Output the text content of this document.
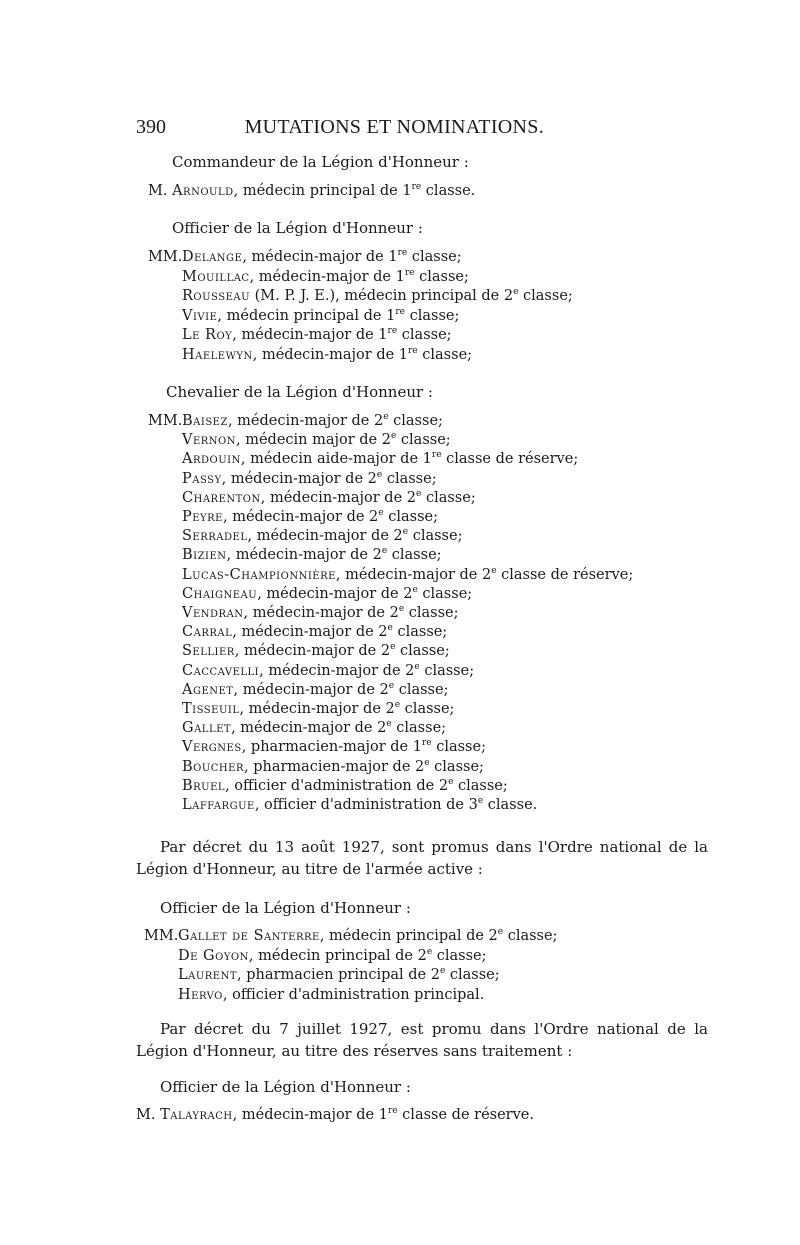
390	MUTATIONS ET NOMINATIONS.
Commandeur de la Légion d'Honneur :
M. Arnould, médecin principal de 1re classe.
Officier de la Légion d'Honneur :
MM.Delange, médecin-major de 1re classe;
Mouillac, médecin-major de 1re classe;
Rousseau (M. P. J. E.), médecin principal de 2e classe;
Vivie, médecin principal de 1re classe;
Le Roy, médecin-major de 1re classe;
Haelewyn, médecin-major de 1re classe;
Chevalier de la Légion d'Honneur :
MM.Baisez, médecin-major de 2e classe;
Vernon, médecin major de 2e classe;
Ardouin, médecin aide-major de 1re classe de réserve;
Passy, médecin-major de 2e classe;
Charenton, médecin-major de 2e classe;
Peyre, médecin-major de 2e classe;
Serradel, médecin-major de 2e classe;
Bizien, médecin-major de 2e classe;
Lucas-Championnière, médecin-major de 2e classe de réserve;
Chaigneau, médecin-major de 2e classe;
Vendran, médecin-major de 2e classe;
Carral, médecin-major de 2e classe;
Sellier, médecin-major de 2e classe;
Caccavelli, médecin-major de 2e classe;
Agenet, médecin-major de 2e classe;
Tisseuil, médecin-major de 2e classe;
Gallet, médecin-major de 2e classe;
Vergnes, pharmacien-major de 1re classe;
Boucher, pharmacien-major de 2e classe;
Bruel, officier d'administration de 2e classe;
Laffargue, officier d'administration de 3e classe.
Par décret du 13 août 1927, sont promus dans l'Ordre national de la Légion d'Honneur, au titre de l'armée active :
Officier de la Légion d'Honneur :
MM.Gallet de Santerre, médecin principal de 2e classe;
De Goyon, médecin principal de 2e classe;
Laurent, pharmacien principal de 2e classe;
Hervo, officier d'administration principal.
Par décret du 7 juillet 1927, est promu dans l'Ordre national de la Légion d'Honneur, au titre des réserves sans traitement :
Officier de la Légion d'Honneur :
M. Talayrach, médecin-major de 1re classe de réserve.
